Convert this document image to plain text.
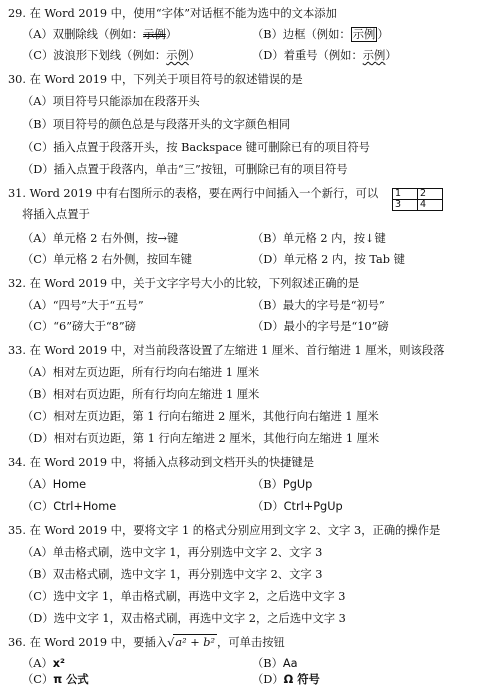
29. 在 Word 2019 中，使用“字体”对话框不能为选中的文本添加
（A）双删除线（例如：示例）	（B）边框（例如： 示例 ）
（C）波浪形下划线（例如：示例）	（D）着重号（例如：示例）
30. 在 Word 2019 中，下列关于项目符号的叙述错误的是
（A）项目符号只能添加在段落开头
（B）项目符号的颜色总是与段落开头的文字颜色相同
（C）插入点置于段落开头，按 Backspace 键可删除已有的项目符号
（D）插入点置于段落内，单击“三”按钮，可删除已有的项目符号
31. Word 2019 中有右图所示的表格，要在两行中间插入一个新行，可以
将插入点置于
1	2
3	4
（A）单元格 2 右外侧，按→键	（B）单元格 2 内，按↓键
（C）单元格 2 右外侧，按回车键	（D）单元格 2 内，按 Tab 键
32. 在 Word 2019 中，关于文字字号大小的比较，下列叙述正确的是
（A）“四号”大于“五号”	（B）最大的字号是“初号”
（C）“6”磅大于“8”磅	（D）最小的字号是“10”磅
33. 在 Word 2019 中，对当前段落设置了左缩进 1 厘米、首行缩进 1 厘米，则该段落
（A）相对左页边距，所有行均向右缩进 1 厘米
（B）相对右页边距，所有行均向左缩进 1 厘米
（C）相对左页边距，第 1 行向右缩进 2 厘米，其他行向右缩进 1 厘米
（D）相对右页边距，第 1 行向左缩进 2 厘米，其他行向左缩进 1 厘米
34. 在 Word 2019 中，将插入点移动到文档开头的快捷键是
（A）Home	（B）PgUp
（C）Ctrl+Home	（D）Ctrl+PgUp
35. 在 Word 2019 中，要将文字 1 的格式分别应用到文字 2、文字 3，正确的操作是
（A）单击格式刷，选中文字 1，再分别选中文字 2、文字 3
（B）双击格式刷，选中文字 1，再分别选中文字 2、文字 3
（C）选中文字 1，单击格式刷，再选中文字 2，之后选中文字 3
（D）选中文字 1，双击格式刷，再选中文字 2，之后选中文字 3
36. 在 Word 2019 中，要插入√a² + b² ，可单击按钮
（A）x²	（B）Aa
（C）π 公式	（D）Ω 符号
